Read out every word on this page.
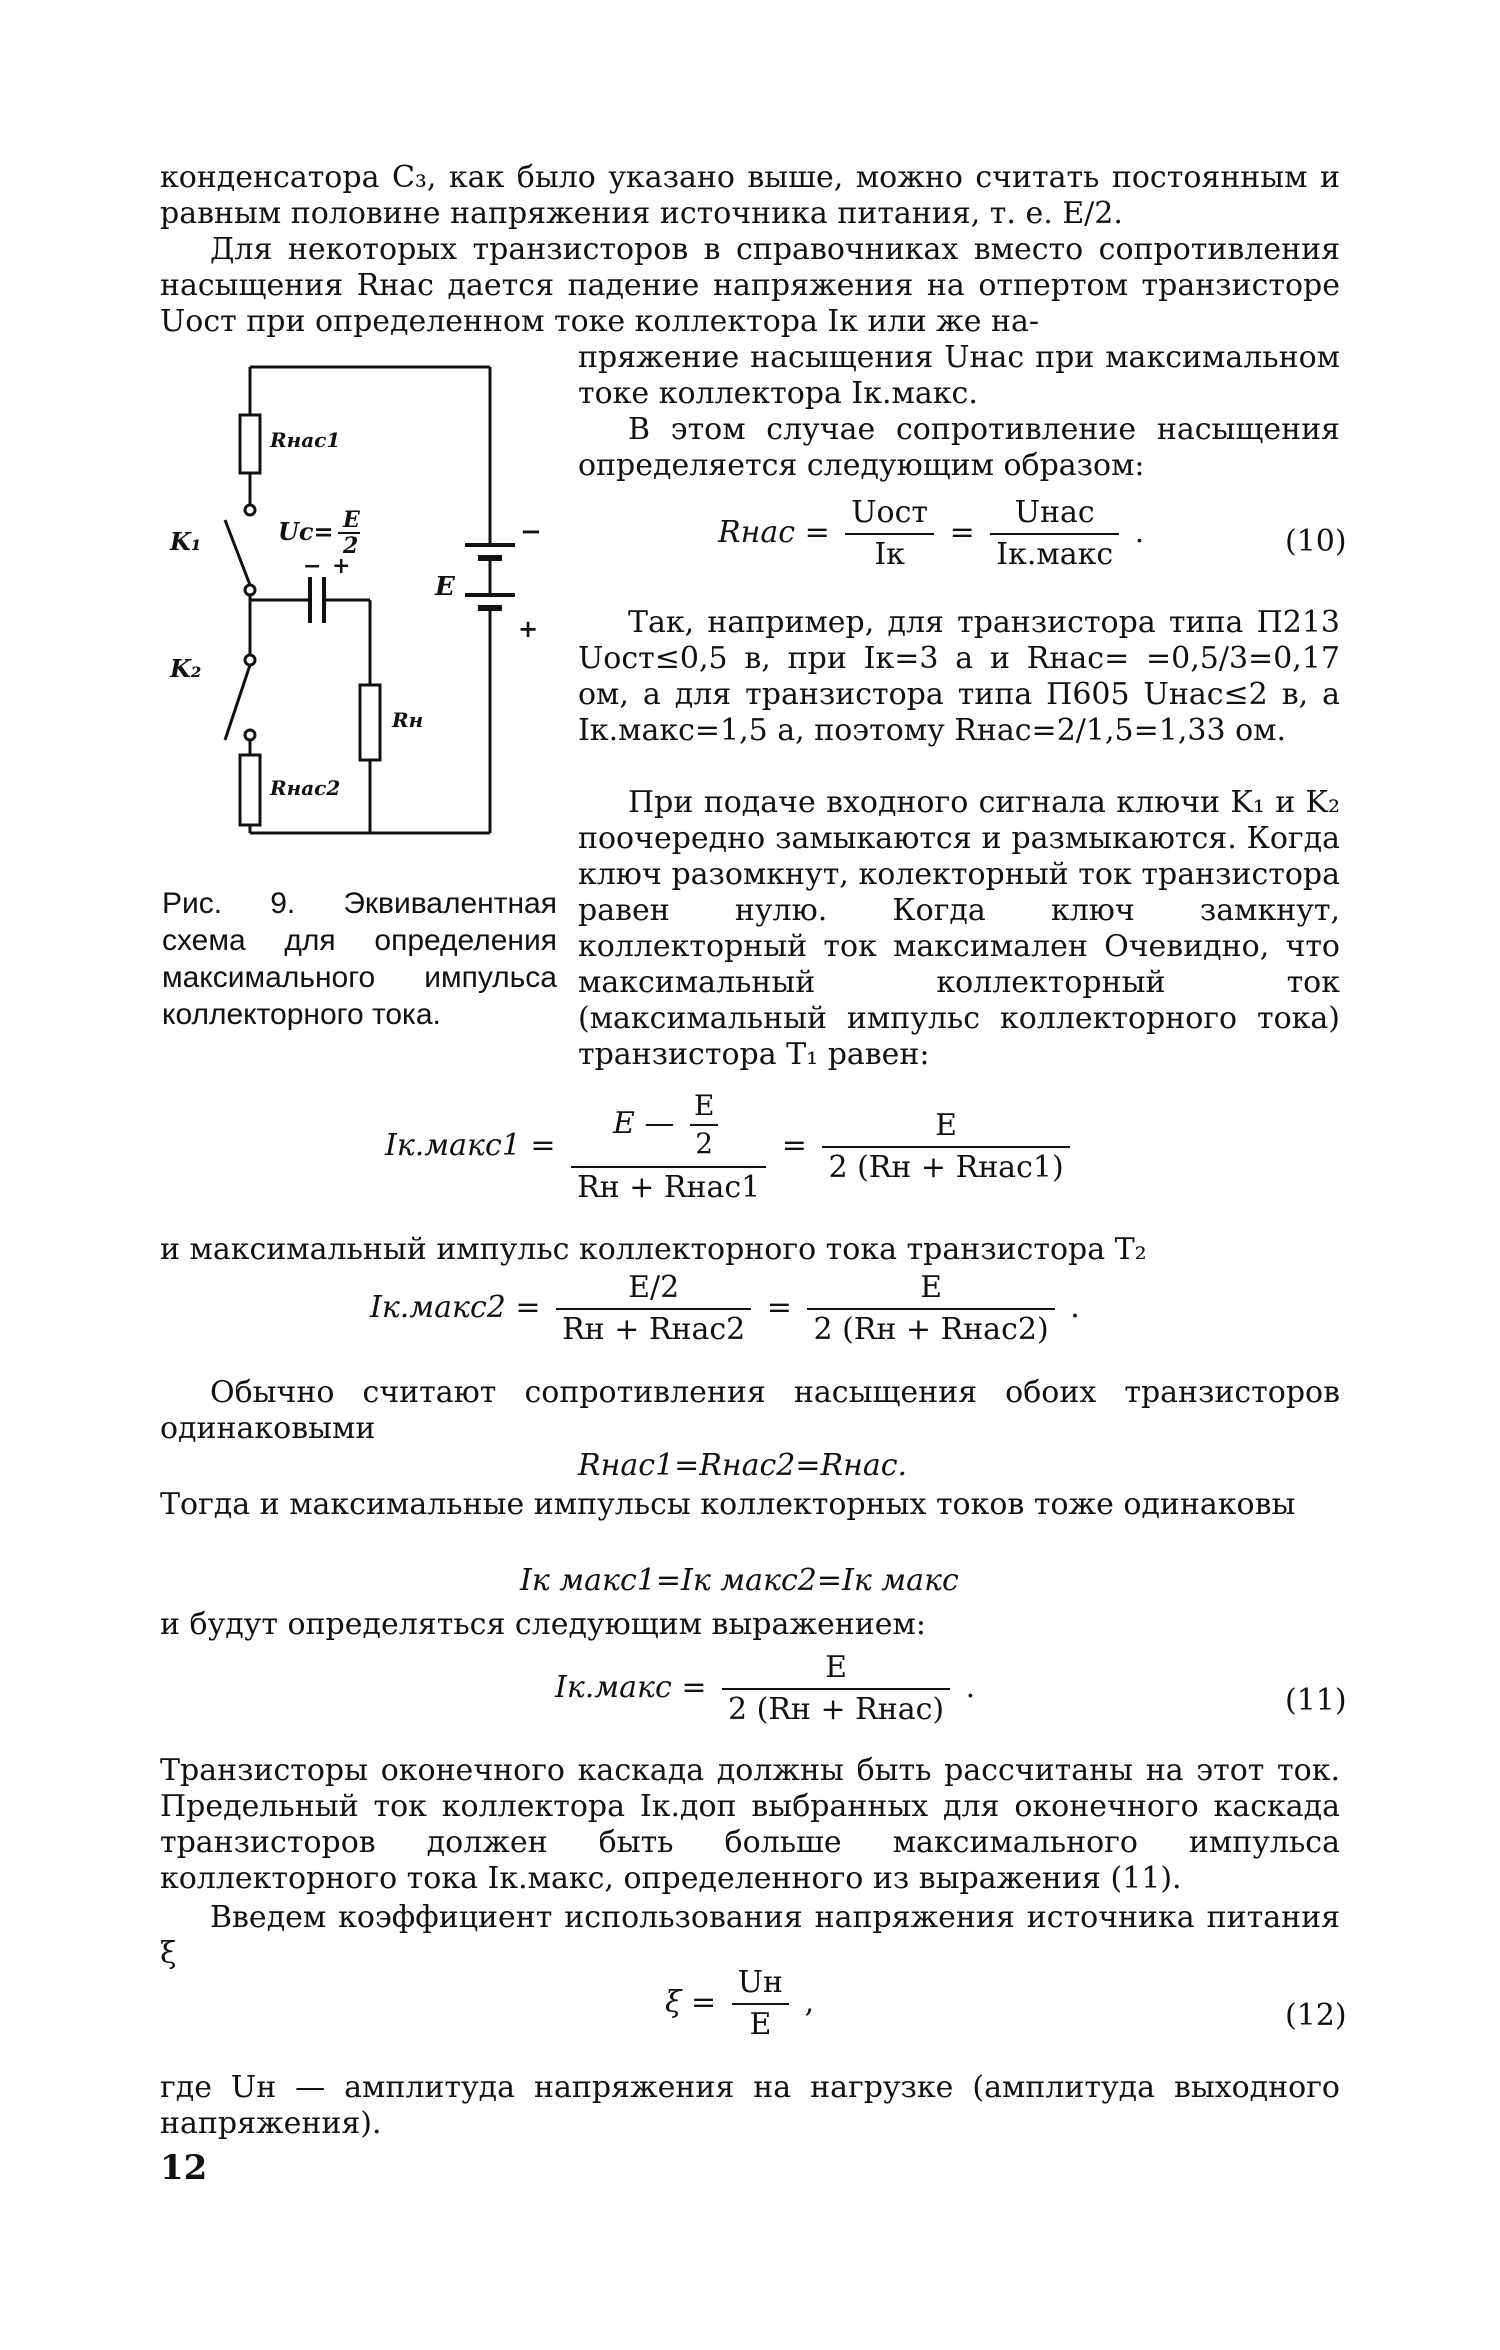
конденсатора C₃, как было указано выше, можно считать постоянным и равным половине напряжения источника питания, т. е. E/2.

Для некоторых транзисторов в справочниках вместо сопротивления насыщения Rнас дается падение напряжения на отпертом транзисторе Uост при определенном токе коллектора Iк или же на-

пряжение насыщения Uнас при максимальном токе коллектора Iк.макс.

В этом случае сопротивление насыщения определяется следующим образом:

Rнас1
K₁	Uc= E
2
− +
E
−
+
K₂
Rн
Rнас2
Рис. 9. Эквивалентная схема для определения максимального импульса коллекторного тока.
Rнас = $\frac{\text{Uост}}{Iк} = \frac{\text{Uнас}}{\text{Iк.макс}}$ .	(10)

Так, например, для транзистора типа П213 Uост≤0,5 в, при Iк=3 а и Rнас= =0,5/3=0,17 ом, а для транзистора типа П605 Uнас≤2 в, а Iк.макс=1,5 а, поэтому Rнас=2/1,5=1,33 ом.

При подаче входного сигнала ключи K₁ и K₂ поочередно замыкаются и размыкаются. Когда ключ разомкнут, колекторный ток транзистора равен нулю. Когда ключ замкнут, коллекторный ток максимален Очевидно, что максимальный коллекторный ток (максимальный импульс коллекторного тока) транзистора T₁ равен:

Iк.макс1 = $\frac{E — \frac{E}{2}}{\text{Rн + Rнас1}} = \frac{E}{\text{2 (Rн + Rнас1)}}$

и максимальный импульс коллекторного тока транзистора T₂

Iк.макс2 = $\frac{E/2}{\text{Rн + Rнас2}} = \frac{E}{\text{2 (Rн + Rнас2)}}$ .

Обычно считают сопротивления насыщения обоих транзисторов одинаковыми

Rнас1=Rнас2=Rнас.

Тогда и максимальные импульсы коллекторных токов тоже одинаковы

Iк макс1=Iк макс2=Iк макс

и будут определяться следующим выражением:

Iк.макс = $\frac{E}{\text{2 (Rн + Rнас)}}$ .	(11)

Транзисторы оконечного каскада должны быть рассчитаны на этот ток. Предельный ток коллектора Iк.доп выбранных для оконечного каскада транзисторов должен быть больше максимального импульса коллекторного тока Iк.макс, определенного из выражения (11).

Введем коэффициент использования напряжения источника питания ξ

$\xi = \frac{Uн}{E}$ ,	(12)

где Uн — амплитуда напряжения на нагрузке (амплитуда выходного напряжения).

12
